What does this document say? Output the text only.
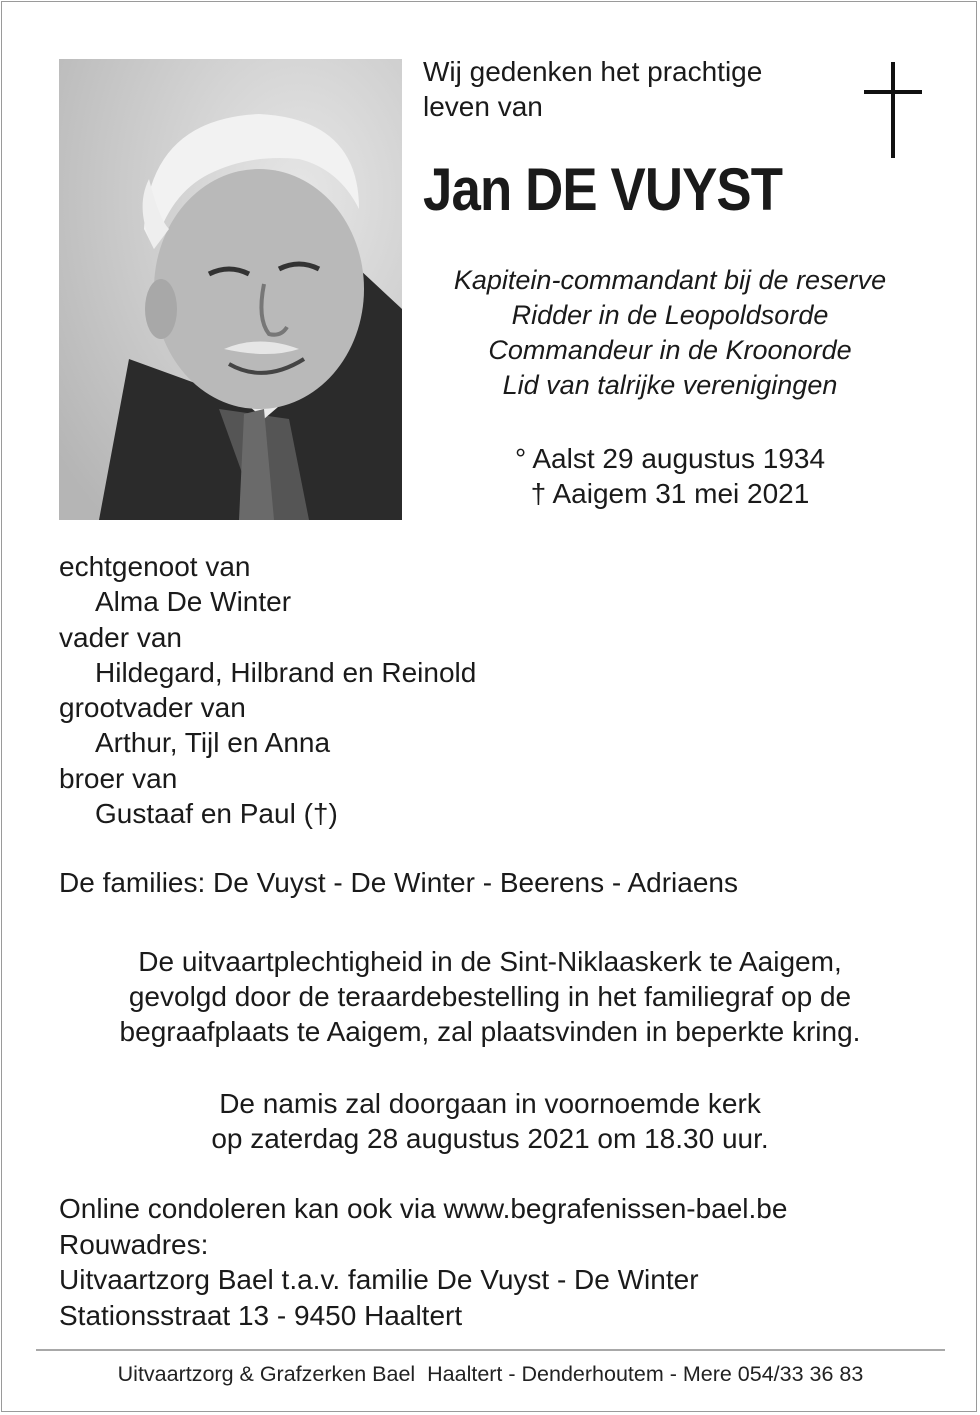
Wij gedenken het prachtige
leven van
Jan DE VUYST
Kapitein-commandant bij de reserve
Ridder in de Leopoldsorde
Commandeur in de Kroonorde
Lid van talrijke verenigingen
° Aalst 29 augustus 1934
† Aaigem 31 mei 2021
echtgenoot van
Alma De Winter
vader van
Hildegard, Hilbrand en Reinold
grootvader van
Arthur, Tijl en Anna
broer van
Gustaaf en Paul (†)
De families: De Vuyst - De Winter - Beerens - Adriaens
De uitvaartplechtigheid in de Sint-Niklaaskerk te Aaigem,
gevolgd door de teraardebestelling in het familiegraf op de
begraafplaats te Aaigem, zal plaatsvinden in beperkte kring.
De namis zal doorgaan in voornoemde kerk
op zaterdag 28 augustus 2021 om 18.30 uur.
Online condoleren kan ook via www.begrafenissen-bael.be
Rouwadres:
Uitvaartzorg Bael t.a.v. familie De Vuyst - De Winter
Stationsstraat 13 - 9450 Haaltert
Uitvaartzorg & Grafzerken Bael  Haaltert - Denderhoutem - Mere 054/33 36 83
